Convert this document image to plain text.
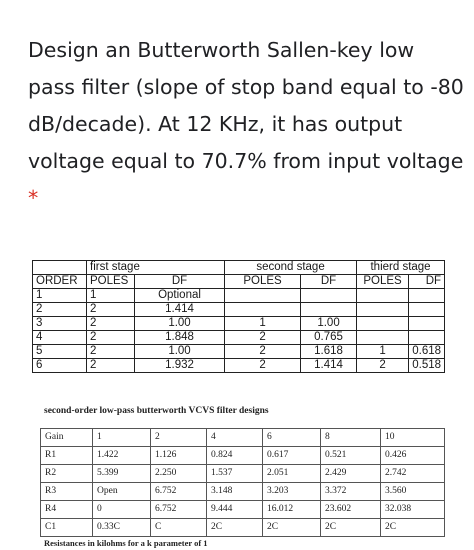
Design an Butterworth Sallen-key low pass filter (slope of stop band equal to -80 dB/decade). At 12 KHz, it has output voltage equal to 70.7% from input voltage *

	first stage		second stage		thierd stage	
ORDER	POLES	DF	POLES	DF	POLES	DF
1	1	Optional				
2	2	1.414				
3	2	1.00	1	1.00		
4	2	1.848	2	0.765		
5	2	1.00	2	1.618	1	0.618
6	2	1.932	2	1.414	2	0.518

second-order low-pass butterworth VCVS filter designs

Gain	1	2	4	6	8	10
R1	1.422	1.126	0.824	0.617	0.521	0.426
R2	5.399	2.250	1.537	2.051	2.429	2.742
R3	Open	6.752	3.148	3.203	3.372	3.560
R4	0	6.752	9.444	16.012	23.602	32.038
C1	0.33C	C	2C	2C	2C	2C

Resistances in kilohms for a k parameter of 1
